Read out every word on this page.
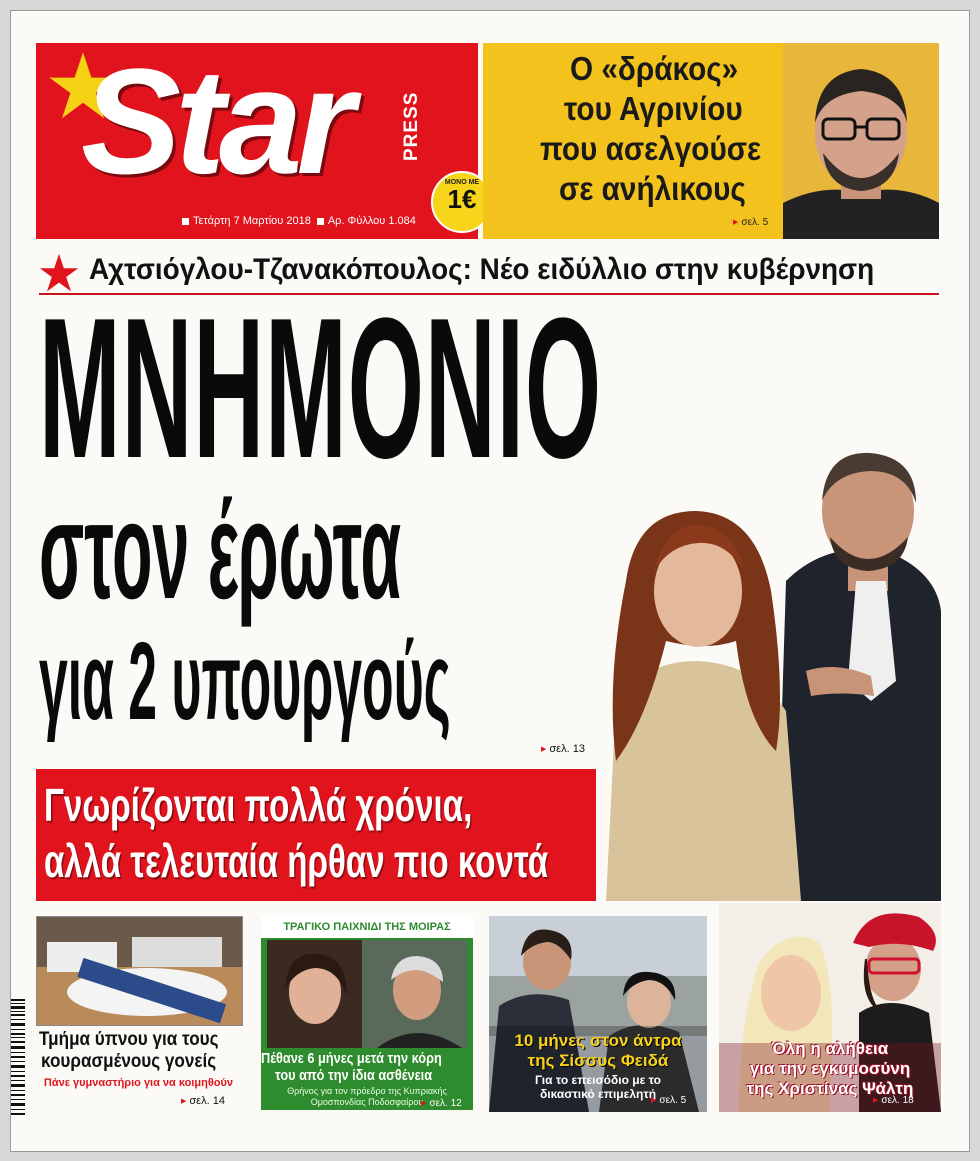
Star	PRESS
Τετάρτη 7 Μαρτίου 2018 Αρ. Φύλλου 1.084
ΜΟΝΟ ΜΕ
1€
Ο «δράκος»
του Αγρινίου
που ασελγούσε
σε ανήλικους
▶ σελ. 5
Αχτσιόγλου-Τζανακόπουλος: Νέο ειδύλλιο στην κυβέρνηση
ΜΝΗΜΟΝΙΟ
στον έρωτα
για 2 υπουργούς
▶ σελ. 13
Γνωρίζονται πολλά χρόνια,
αλλά τελευταία ήρθαν πιο κοντά
Τμήμα ύπνου για τους
κουρασμένους γονείς
Πάνε γυμναστήριο για να κοιμηθούν
▶ σελ. 14
ΤΡΑΓΙΚΟ ΠΑΙΧΝΙΔΙ ΤΗΣ ΜΟΙΡΑΣ
Πέθανε 6 μήνες μετά την κόρη
του από την ίδια ασθένεια
Θρήνος για τον πρόεδρο της Κυπριακής
Ομοσπονδίας Ποδοσφαίρου ▶ σελ. 12
10 μήνες στον άντρα
της Σίσσυς Φειδά
Για το επεισόδιο με το
δικαστικό επιμελητή ▶ σελ. 5
Όλη η αλήθεια
για την εγκυμοσύνη
της Χριστίνας Ψάλτη
▶ σελ. 18
